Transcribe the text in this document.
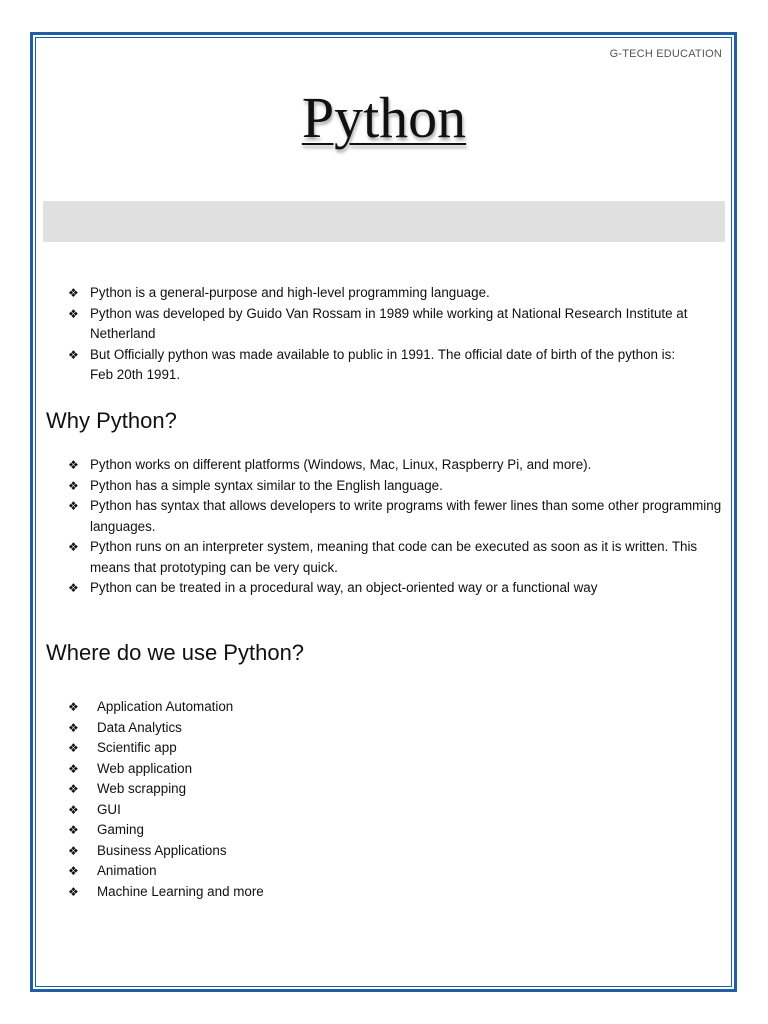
G-TECH EDUCATION
Python
❖ Python is a general-purpose and high-level programming language.
❖ Python was developed by Guido Van Rossam in 1989 while working at National Research Institute at Netherland
❖ But Officially python was made available to public in 1991. The official date of birth of the python is: Feb 20th 1991.
Why Python?
❖ Python works on different platforms (Windows, Mac, Linux, Raspberry Pi, and more).
❖ Python has a simple syntax similar to the English language.
❖ Python has syntax that allows developers to write programs with fewer lines than some other programming languages.
❖ Python runs on an interpreter system, meaning that code can be executed as soon as it is written. This means that prototyping can be very quick.
❖ Python can be treated in a procedural way, an object-oriented way or a functional way
Where do we use Python?
❖ Application Automation
❖ Data Analytics
❖ Scientific app
❖ Web application
❖ Web scrapping
❖ GUI
❖ Gaming
❖ Business Applications
❖ Animation
❖ Machine Learning and more
